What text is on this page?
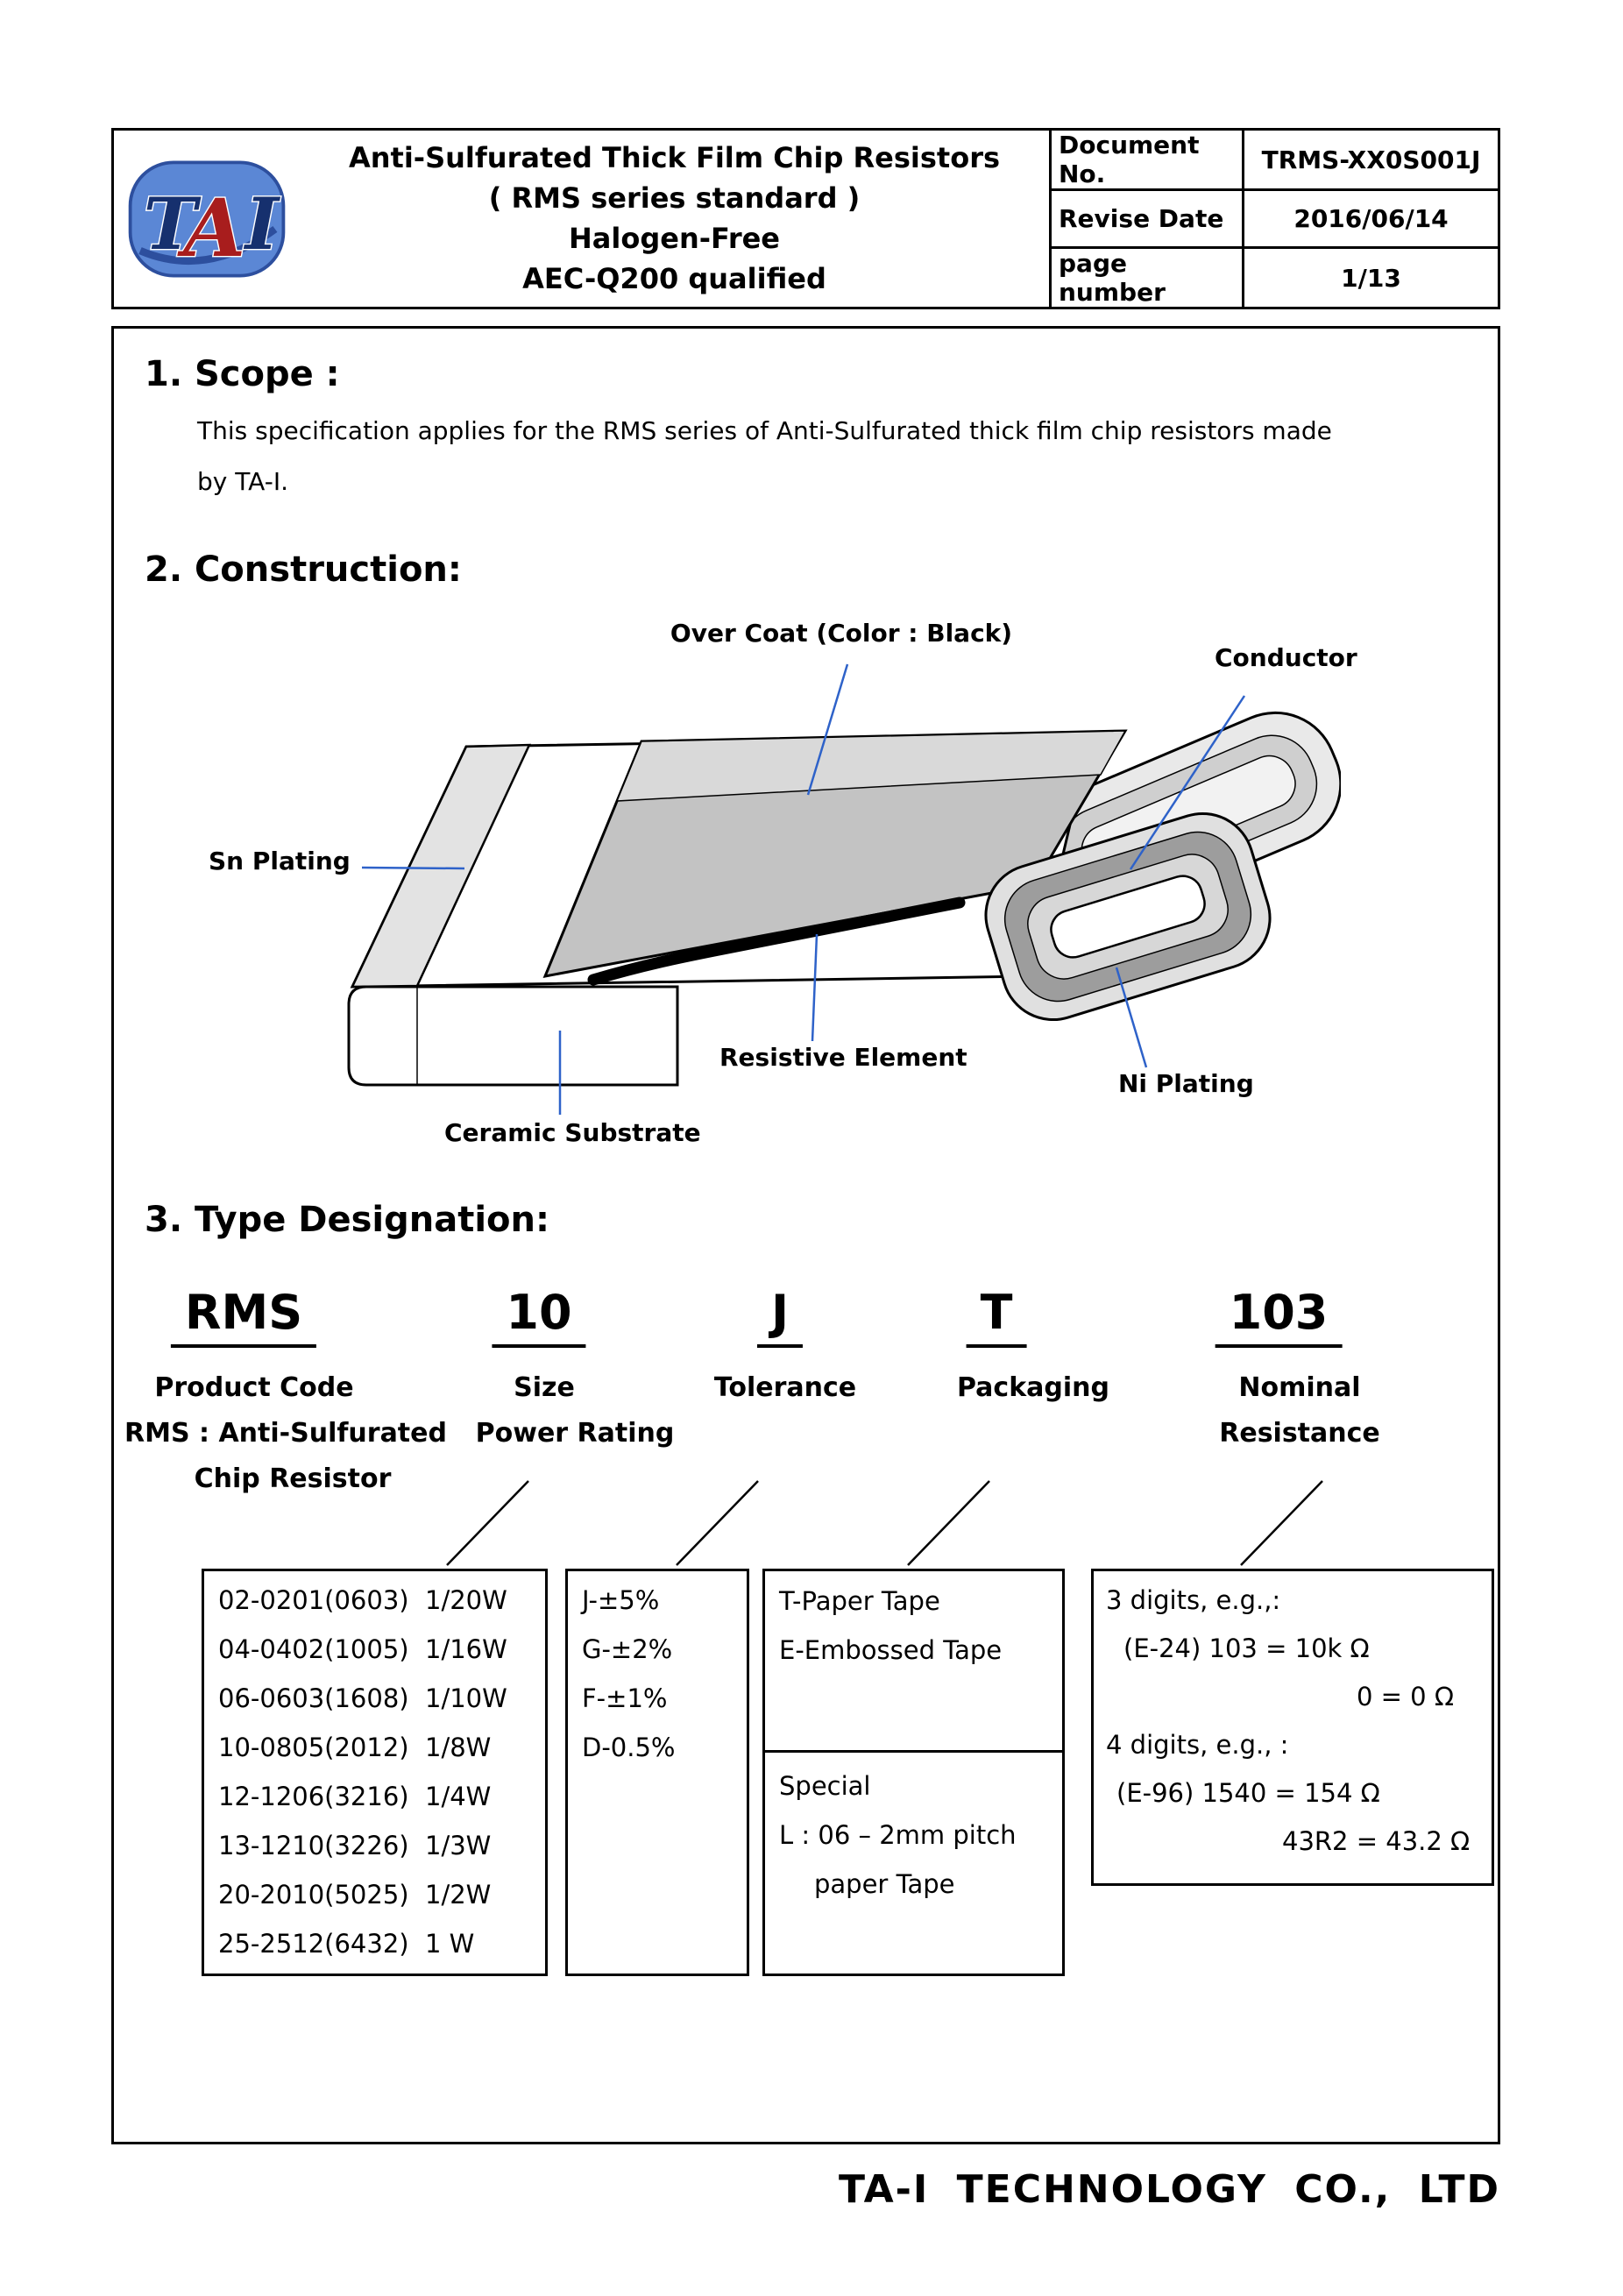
T
A I
Anti-Sulfurated Thick Film Chip Resistors
( RMS series standard )
Halogen-Free
AEC-Q200 qualified
Document No.	TRMS-XX0S001J
Revise Date	2016/06/14
page number	1/13
1. Scope :
This specification applies for the RMS series of Anti-Sulfurated thick film chip resistors made
by TA-I.
2. Construction:
Over Coat (Color : Black)
Conductor
Sn Plating
Resistive Element
Ni Plating
Ceramic Substrate
3. Type Designation:
RMS	10	J	T	103
Product Code	Size	Tolerance	Packaging	Nominal
RMS : Anti-Sulfurated Power Rating	Resistance
Chip Resistor
02-0201(0603) 1/20W
04-0402(1005) 1/16W
06-0603(1608) 1/10W
10-0805(2012) 1/8W
12-1206(3216) 1/4W
13-1210(3226) 1/3W
20-2010(5025) 1/2W
25-2512(6432) 1 W
J-±5%
G-±2%
F-±1%
D-0.5%
T-Paper Tape
E-Embossed Tape
Special
L : 06 – 2mm pitch
paper Tape
3 digits, e.g.,:
(E-24) 103 = 10k Ω
0 = 0 Ω
4 digits, e.g., :
(E-96) 1540 = 154 Ω
43R2 = 43.2 Ω
TA-I TECHNOLOGY CO., LTD
